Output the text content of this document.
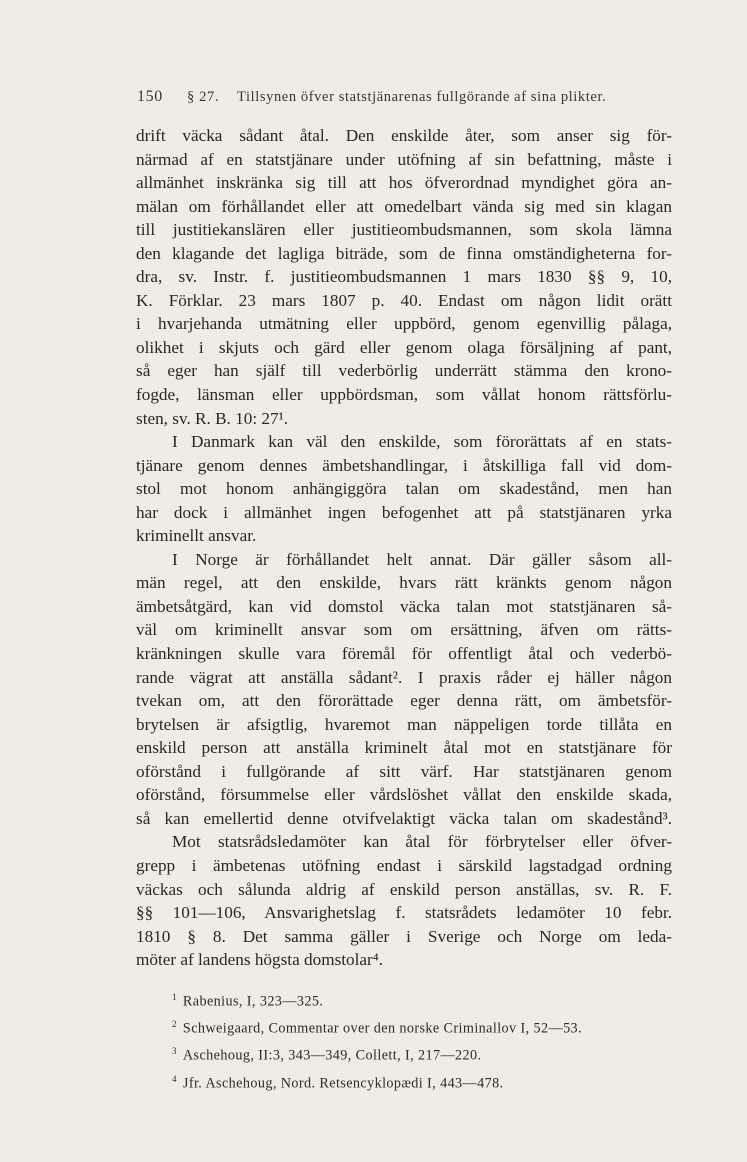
150 § 27. Tillsynen öfver statstjänarenas fullgörande af sina plikter.
drift väcka sådant åtal. Den enskilde åter, som anser sig för-
närmad af en statstjänare under utöfning af sin befattning, måste i
allmänhet inskränka sig till att hos öfverordnad myndighet göra an-
mälan om förhållandet eller att omedelbart vända sig med sin klagan
till justitiekanslären eller justitieombudsmannen, som skola lämna
den klagande det lagliga biträde, som de finna omständigheterna for-
dra, sv. Instr. f. justitieombudsmannen 1 mars 1830 §§ 9, 10,
K. Förklar. 23 mars 1807 p. 40. Endast om någon lidit orätt
i hvarjehanda utmätning eller uppbörd, genom egenvillig pålaga,
olikhet i skjuts och gärd eller genom olaga försäljning af pant,
så eger han själf till vederbörlig underrätt stämma den krono-
fogde, länsman eller uppbördsman, som vållat honom rättsförlu-
sten, sv. R. B. 10: 27¹.
I Danmark kan väl den enskilde, som förorättats af en stats-
tjänare genom dennes ämbetshandlingar, i åtskilliga fall vid dom-
stol mot honom anhängiggöra talan om skadestånd, men han
har dock i allmänhet ingen befogenhet att på statstjänaren yrka
kriminellt ansvar.
I Norge är förhållandet helt annat. Där gäller såsom all-
män regel, att den enskilde, hvars rätt kränkts genom någon
ämbetsåtgärd, kan vid domstol väcka talan mot statstjänaren så-
väl om kriminellt ansvar som om ersättning, äfven om rätts-
kränkningen skulle vara föremål för offentligt åtal och vederbö-
rande vägrat att anställa sådant². I praxis råder ej häller någon
tvekan om, att den förorättade eger denna rätt, om ämbetsför-
brytelsen är afsigtlig, hvaremot man näppeligen torde tillåta en
enskild person att anställa kriminelt åtal mot en statstjänare för
oförstånd i fullgörande af sitt värf. Har statstjänaren genom
oförstånd, försummelse eller vårdslöshet vållat den enskilde skada,
så kan emellertid denne otvifvelaktigt väcka talan om skadestånd³.
Mot statsrådsledamöter kan åtal för förbrytelser eller öfver-
grepp i ämbetenas utöfning endast i särskild lagstadgad ordning
väckas och sålunda aldrig af enskild person anställas, sv. R. F.
§§ 101—106, Ansvarighetslag f. statsrådets ledamöter 10 febr.
1810 § 8. Det samma gäller i Sverige och Norge om leda-
möter af landens högsta domstolar⁴.
$^1$ Rabenius, I, 323—325.
$^2$ Schweigaard, Commentar over den norske Criminallov I, 52—53.
$^3$ Aschehoug, II:3, 343—349, Collett, I, 217—220.
$^4$ Jfr. Aschehoug, Nord. Retsencyklopædi I, 443—478.
